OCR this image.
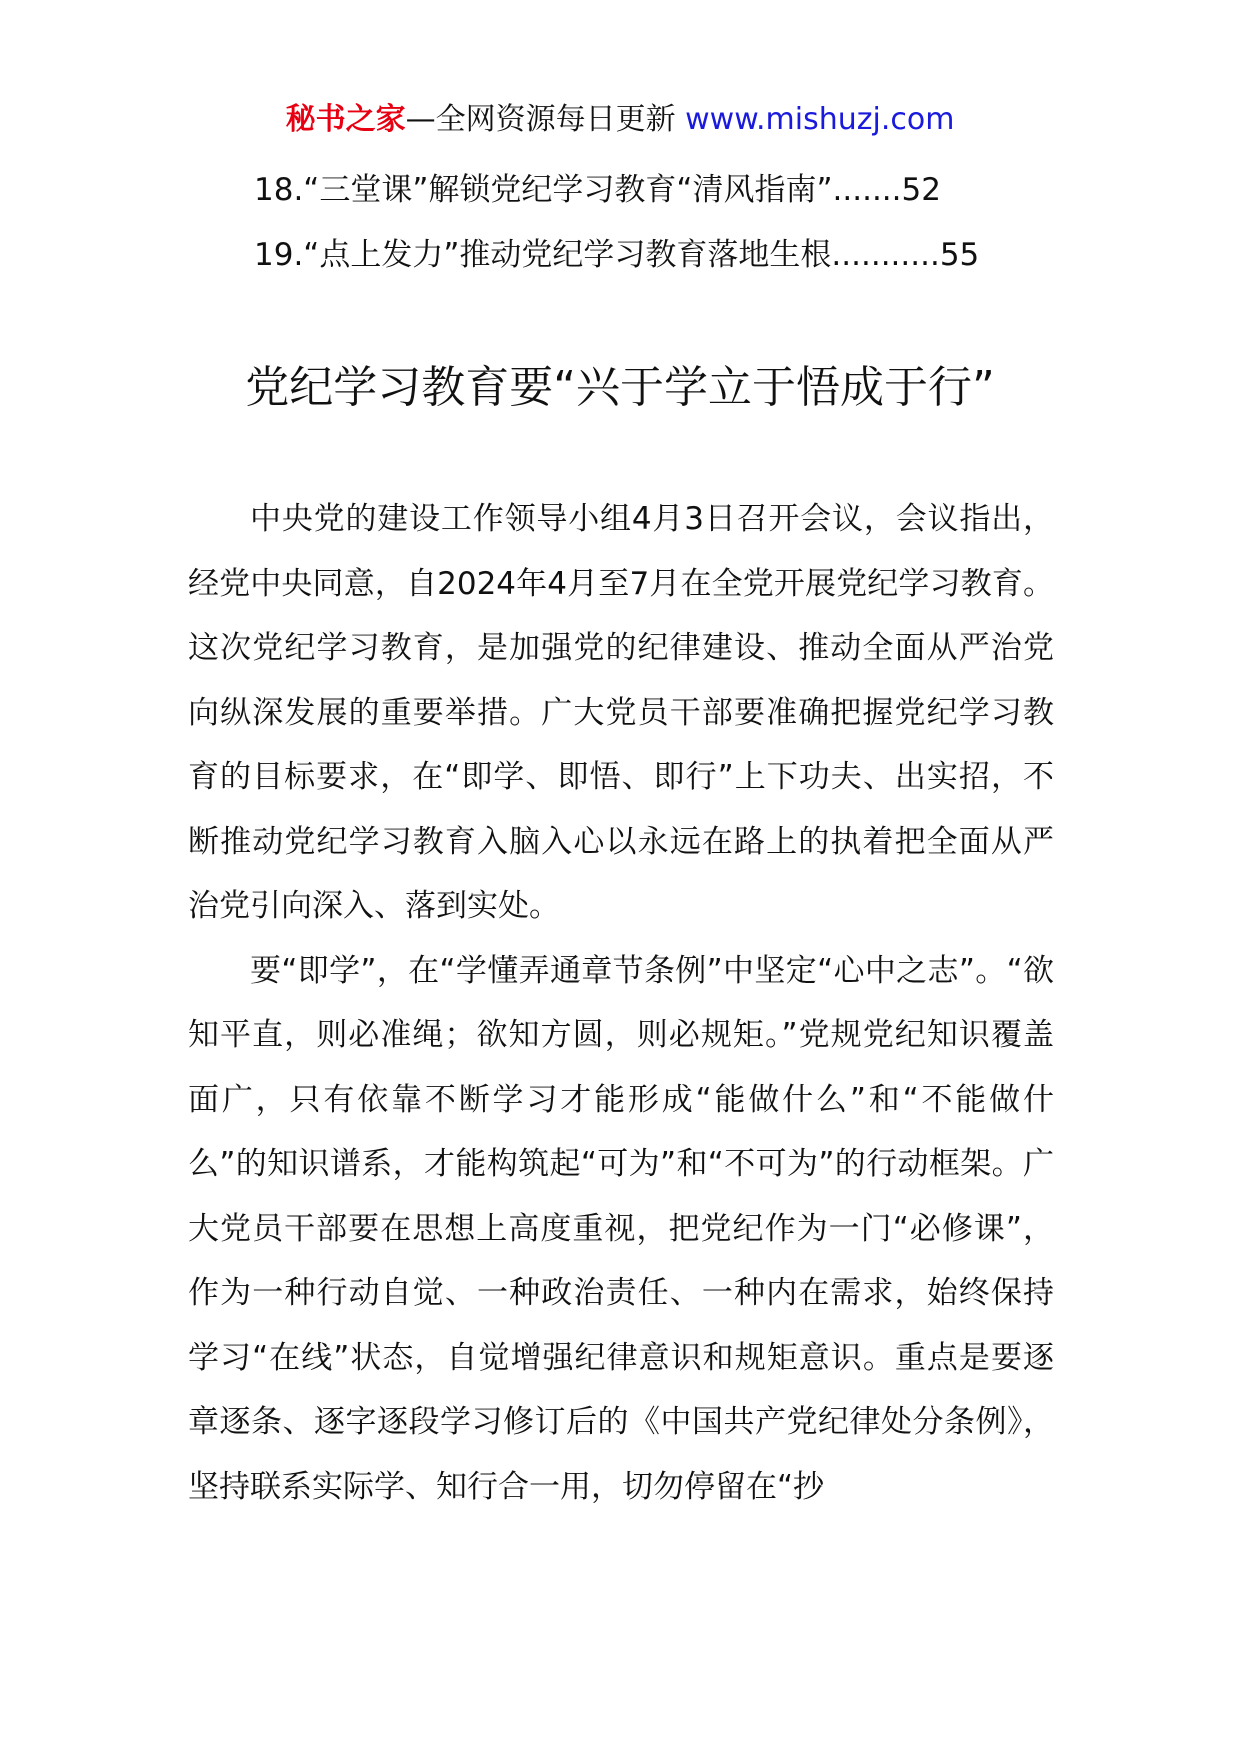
秘书之家—全网资源每日更新 www.mishuzj.com
18.“三堂课”解锁党纪学习教育“清风指南”.......52
19.“点上发力”推动党纪学习教育落地生根...........55
党纪学习教育要“兴于学立于悟成于行”

中央党的建设工作领导小组4月3日召开会议，会议指出，经党中央同意，自2024年4月至7月在全党开展党纪学习教育。这次党纪学习教育，是加强党的纪律建设、推动全面从严治党向纵深发展的重要举措。广大党员干部要准确把握党纪学习教育的目标要求，在“即学、即悟、即行”上下功夫、出实招，不断推动党纪学习教育入脑入心以永远在路上的执着把全面从严治党引向深入、落到实处。

要“即学”，在“学懂弄通章节条例”中坚定“心中之志”。“欲知平直，则必准绳；欲知方圆，则必规矩。”党规党纪知识覆盖面广，只有依靠不断学习才能形成“能做什么”和“不能做什么”的知识谱系，才能构筑起“可为”和“不可为”的行动框架。广大党员干部要在思想上高度重视，把党纪作为一门“必修课”，作为一种行动自觉、一种政治责任、一种内在需求，始终保持学习“在线”状态，自觉增强纪律意识和规矩意识。重点是要逐章逐条、逐字逐段学习修订后的《中国共产党纪律处分条例》，坚持联系实际学、知行合一用，切勿停留在“抄
